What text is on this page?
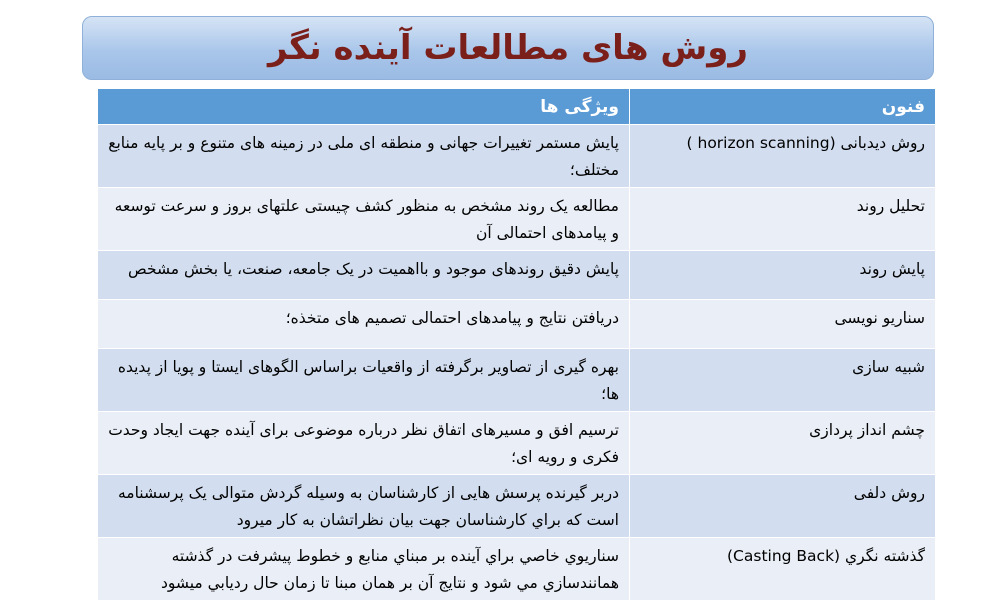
روش های مطالعات آینده نگر
فنون	ویژگی ها
روش دیدبانی (horizon scanning )	پایش مستمر تغییرات جهانی و منطقه ای ملی در زمینه های متنوع و بر پایه منابع مختلف؛
تحلیل روند	مطالعه یک روند مشخص به منظور کشف چیستی علتهای بروز و سرعت توسعه و پیامدهای احتمالی آن
پایش روند	پایش دقیق روندهای موجود و بااهمیت در یک جامعه، صنعت، یا بخش مشخص
سناریو نویسی	دریافتن نتایج و پیامدهای احتمالی تصمیم های متخذه؛
شبیه سازی	بهره گیری از تصاویر برگرفته از واقعیات براساس الگوهای ایستا و پویا از پدیده ها؛
چشم انداز پردازی	ترسیم افق و مسیرهای اتفاق نظر درباره موضوعی برای آینده جهت ایجاد وحدت فکری و رویه ای؛
روش دلفی	دربر گیرنده پرسش هایی از کارشناسان به وسیله گردش متوالی یک پرسشنامه است که براي کارشناسان جهت بیان نظراتشان به کار میرود
گذشته نگري (Casting Back)	سناريوي خاصي براي آينده بر مبناي منابع و خطوط پيشرفت در گذشته همانندسازي مي شود و نتايج آن بر همان مبنا تا زمان حال رديابي ميشود
